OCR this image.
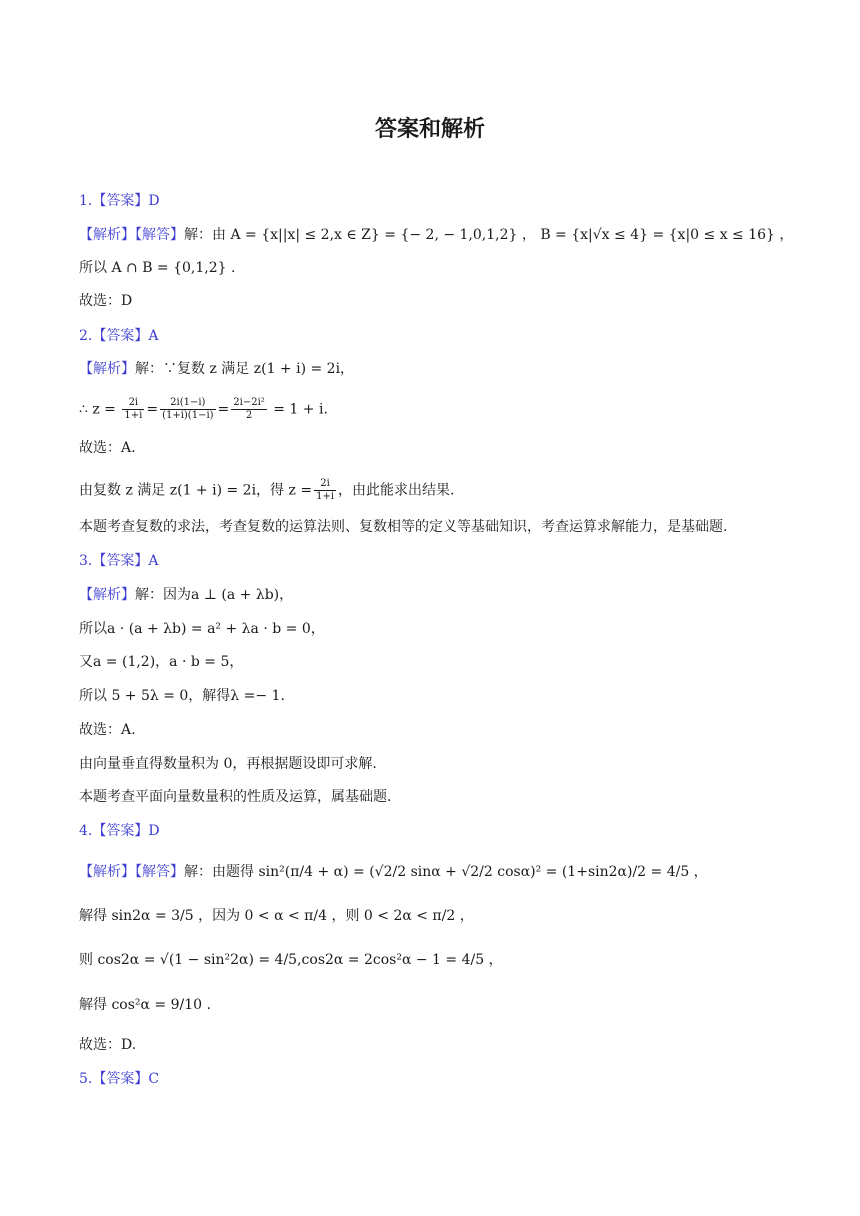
答案和解析
1.【答案】D
【解析】【解答】解：由 A = {x||x| ≤ 2,x ∈ Z} = {− 2, − 1,0,1,2} ， B = {x|√x ≤ 4} = {x|0 ≤ x ≤ 16} ，
所以 A ∩ B = {0,1,2} .
故选：D
2.【答案】A
【解析】解：∵复数 z 满足 z(1 + i) = 2i，
∴ $z = \frac{2i}{1+i} = \frac{2i(1-i)}{(1+i)(1-i)} = \frac{\text{2i−2i²}}{2} = 1 + i$.
故选：A.
由复数 z 满足 z(1 + i) = 2i，得 $z = \frac{2i}{1+i}$ ，由此能求出结果.
本题考查复数的求法，考查复数的运算法则、复数相等的定义等基础知识，考查运算求解能力，是基础题.
3.【答案】A
【解析】解：因为a ⊥ (a + λb)，
所以a · (a + λb) = a² + λa · b = 0，
又a = (1,2)，a · b = 5，
所以 5 + 5λ = 0，解得λ =− 1.
故选：A.
由向量垂直得数量积为 0，再根据题设即可求解.
本题考查平面向量数量积的性质及运算，属基础题.
4.【答案】D
【解析】【解答】解：由题得 sin²(π/4 + α) = (√2/2 sinα + √2/2 cosα)² = (1+sin2α)/2 = 4/5 ，
解得 sin2α = 3/5 ，因为 0 < α < π/4 ，则 0 < 2α < π/2 ，
则 cos2α = √(1 − sin²2α) = 4/5,cos2α = 2cos²α − 1 = 4/5 ，
解得 cos²α = 9/10 .
故选：D.
5.【答案】C
